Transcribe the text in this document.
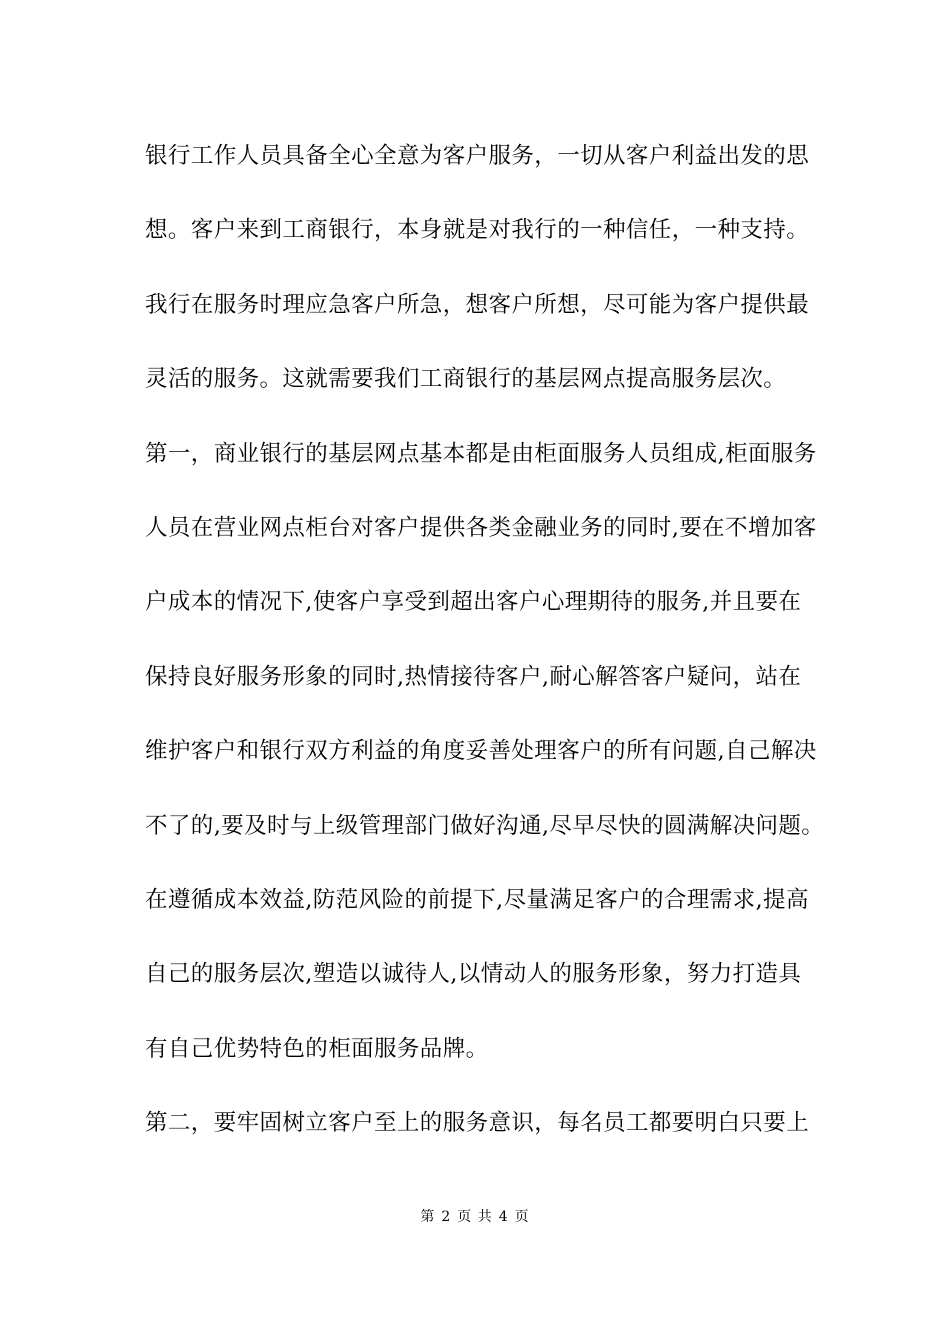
银行工作人员具备全心全意为客户服务，一切从客户利益出发的思
想。客户来到工商银行，本身就是对我行的一种信任，一种支持。
我行在服务时理应急客户所急，想客户所想，尽可能为客户提供最
灵活的服务。这就需要我们工商银行的基层网点提高服务层次。
第一，商业银行的基层网点基本都是由柜面服务人员组成,柜面服务
人员在营业网点柜台对客户提供各类金融业务的同时,要在不增加客
户成本的情况下,使客户享受到超出客户心理期待的服务,并且要在
保持良好服务形象的同时,热情接待客户,耐心解答客户疑问，站在
维护客户和银行双方利益的角度妥善处理客户的所有问题,自己解决
不了的,要及时与上级管理部门做好沟通,尽早尽快的圆满解决问题。
在遵循成本效益,防范风险的前提下,尽量满足客户的合理需求,提高
自己的服务层次,塑造以诚待人,以情动人的服务形象，努力打造具
有自己优势特色的柜面服务品牌。
第二，要牢固树立客户至上的服务意识，每名员工都要明白只要上
第 2 页 共 4 页
